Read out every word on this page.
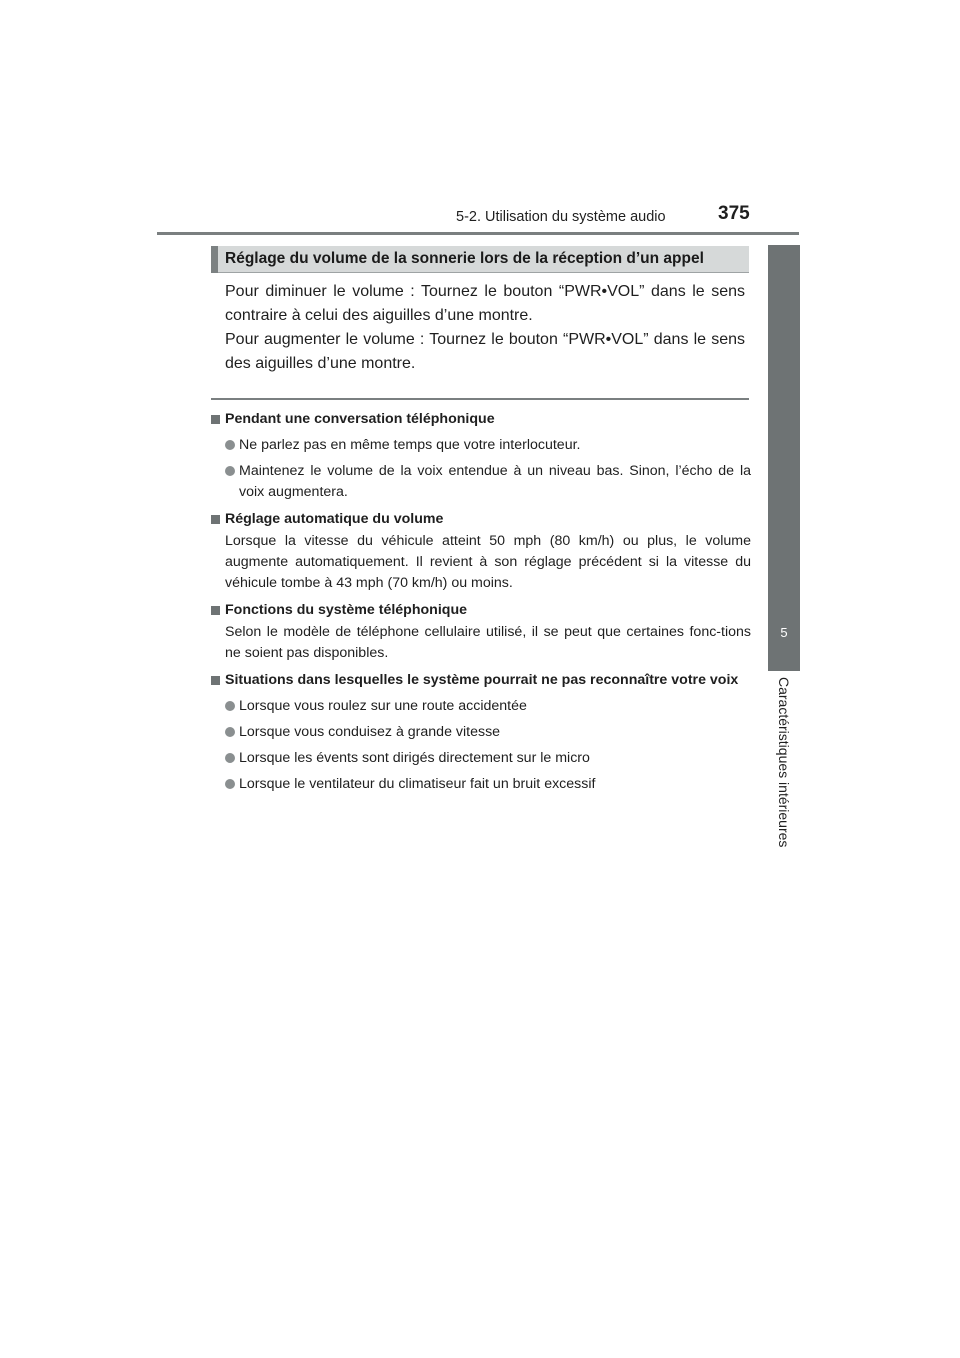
5-2. Utilisation du système audio	375
5
Caractéristiques intérieures
Réglage du volume de la sonnerie lors de la réception d’un appel
Pour diminuer le volume : Tournez le bouton “PWR•VOL” dans le sens contraire à celui des aiguilles d’une montre.
Pour augmenter le volume : Tournez le bouton “PWR•VOL” dans le sens des aiguilles d’une montre.
Pendant une conversation téléphonique
Ne parlez pas en même temps que votre interlocuteur.
Maintenez le volume de la voix entendue à un niveau bas. Sinon, l’écho de la voix augmentera.
Réglage automatique du volume
Lorsque la vitesse du véhicule atteint 50 mph (80 km/h) ou plus, le volume augmente automatiquement. Il revient à son réglage précédent si la vitesse du véhicule tombe à 43 mph (70 km/h) ou moins.
Fonctions du système téléphonique
Selon le modèle de téléphone cellulaire utilisé, il se peut que certaines fonc-tions ne soient pas disponibles.
Situations dans lesquelles le système pourrait ne pas reconnaître votre voix
Lorsque vous roulez sur une route accidentée
Lorsque vous conduisez à grande vitesse
Lorsque les évents sont dirigés directement sur le micro
Lorsque le ventilateur du climatiseur fait un bruit excessif
